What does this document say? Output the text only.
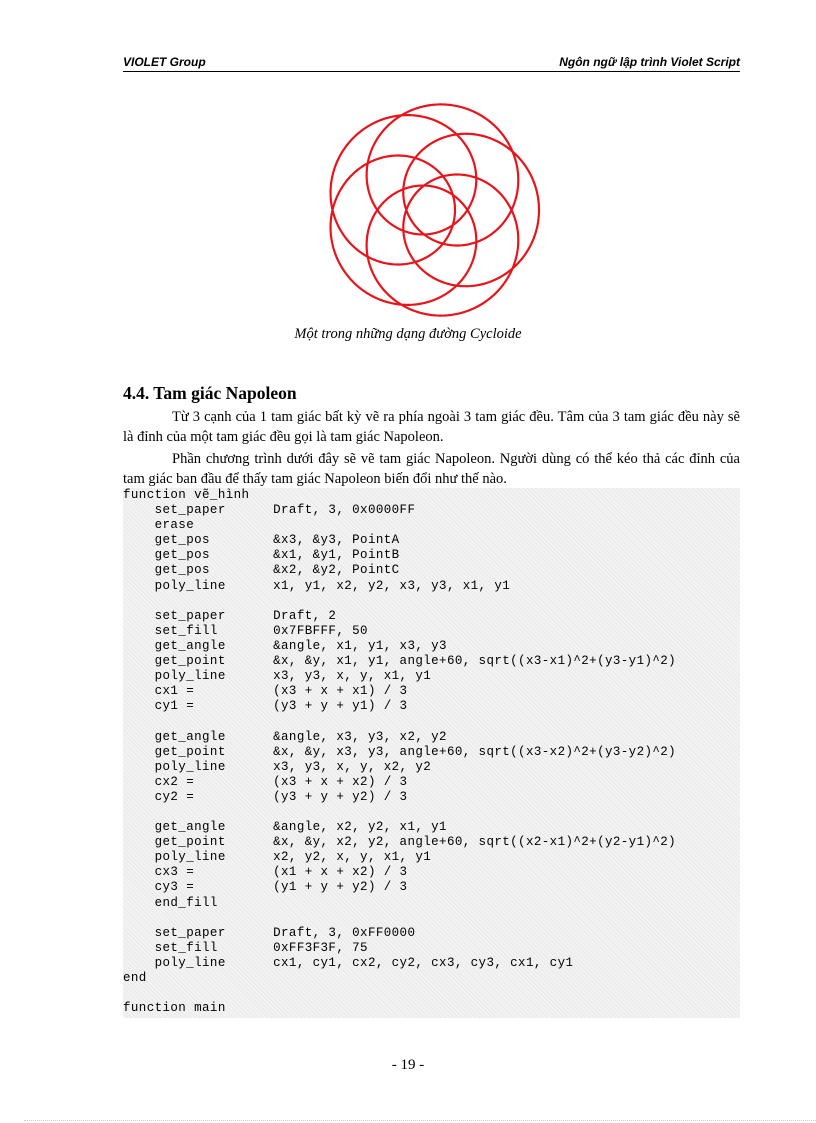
VIOLET Group	Ngôn ngữ lập trình Violet Script
Một trong những dạng đường Cycloide
4.4. Tam giác Napoleon

Từ 3 cạnh của 1 tam giác bất kỳ vẽ ra phía ngoài 3 tam giác đều. Tâm của 3 tam giác đều này sẽ là đỉnh của một tam giác đều gọi là tam giác Napoleon.

Phần chương trình dưới đây sẽ vẽ tam giác Napoleon. Người dùng có thể kéo thả các đỉnh của tam giác ban đầu để thấy tam giác Napoleon biến đổi như thế nào.

function vẽ_hình
set_paper      Draft, 3, 0x0000FF
erase
get_pos        &x3, &y3, PointA
get_pos        &x1, &y1, PointB
get_pos        &x2, &y2, PointC
poly_line      x1, y1, x2, y2, x3, y3, x1, y1
set_paper      Draft, 2
set_fill       0x7FBFFF, 50
get_angle      &angle, x1, y1, x3, y3
get_point      &x, &y, x1, y1, angle+60, sqrt((x3-x1)^2+(y3-y1)^2)
poly_line      x3, y3, x, y, x1, y1
cx1 =          (x3 + x + x1) / 3
cy1 =          (y3 + y + y1) / 3
get_angle      &angle, x3, y3, x2, y2
get_point      &x, &y, x3, y3, angle+60, sqrt((x3-x2)^2+(y3-y2)^2)
poly_line      x3, y3, x, y, x2, y2
cx2 =          (x3 + x + x2) / 3
cy2 =          (y3 + y + y2) / 3
get_angle      &angle, x2, y2, x1, y1
get_point      &x, &y, x2, y2, angle+60, sqrt((x2-x1)^2+(y2-y1)^2)
poly_line      x2, y2, x, y, x1, y1
cx3 =          (x1 + x + x2) / 3
cy3 =          (y1 + y + y2) / 3
end_fill
set_paper      Draft, 3, 0xFF0000
set_fill       0xFF3F3F, 75
poly_line      cx1, cy1, cx2, cy2, cx3, cy3, cx1, cy1
end
function main
- 19 -
